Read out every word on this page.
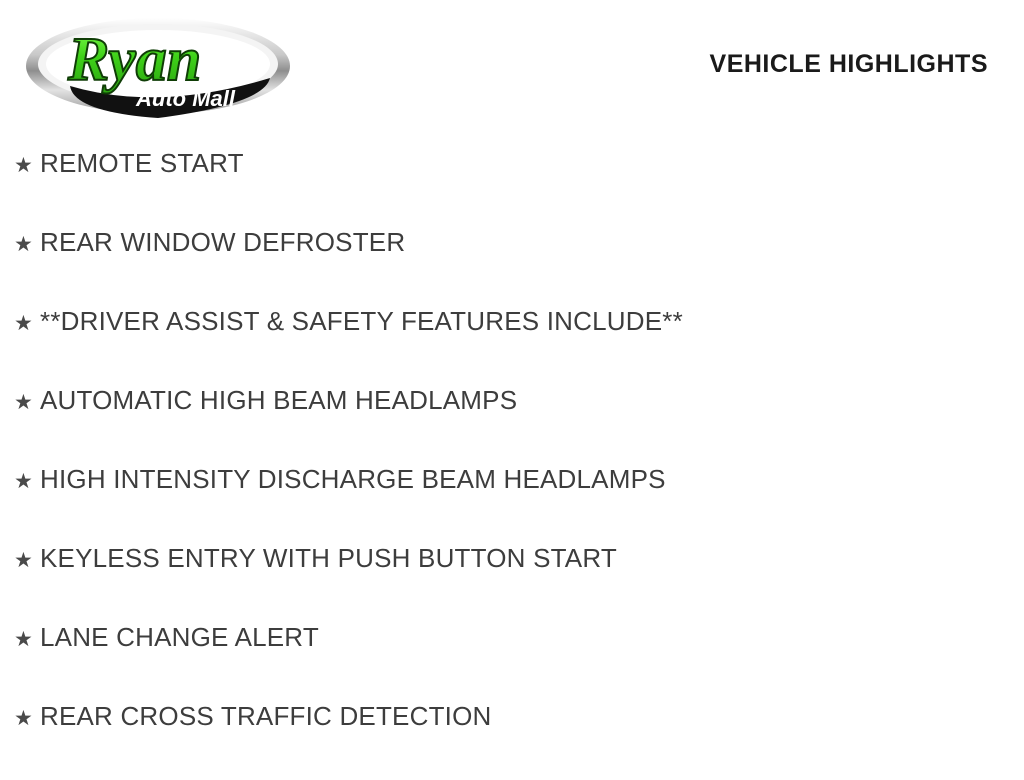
Ryan
Auto Mall
VEHICLE HIGHLIGHTS
★ REMOTE START
★ REAR WINDOW DEFROSTER
★ **DRIVER ASSIST & SAFETY FEATURES INCLUDE**
★ AUTOMATIC HIGH BEAM HEADLAMPS
★ HIGH INTENSITY DISCHARGE BEAM HEADLAMPS
★ KEYLESS ENTRY WITH PUSH BUTTON START
★ LANE CHANGE ALERT
★ REAR CROSS TRAFFIC DETECTION
